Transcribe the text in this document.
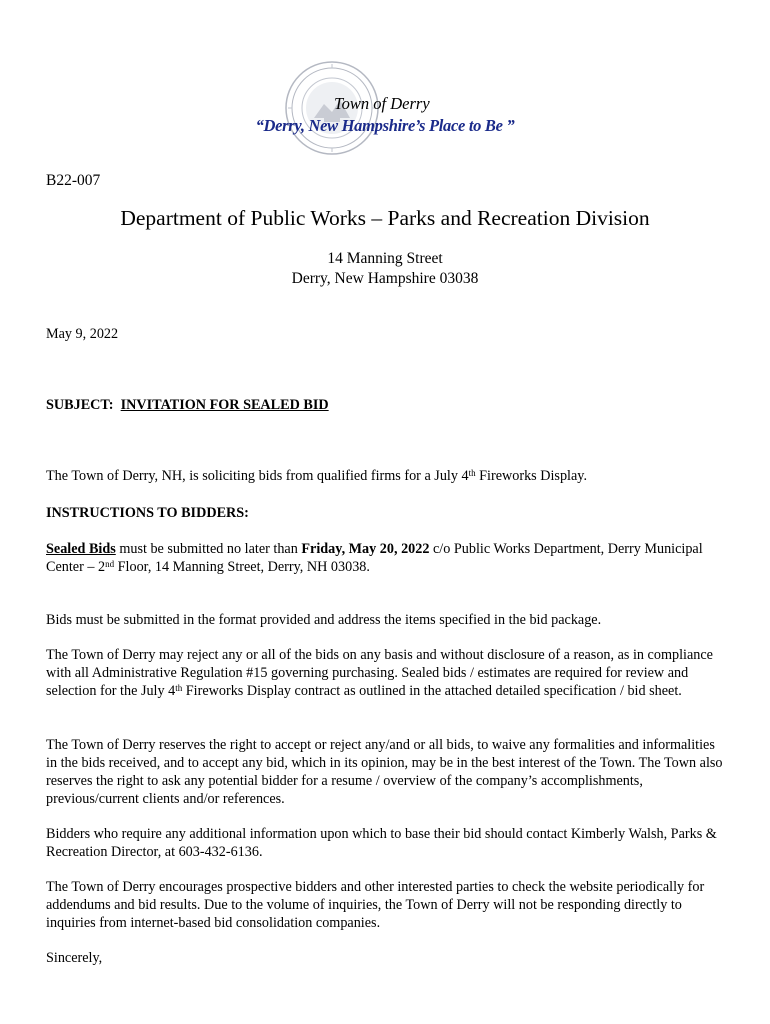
Town of Derry
“Derry, New Hampshire’s Place to Be ”
B22-007
Department of Public Works – Parks and Recreation Division
14 Manning Street
Derry, New Hampshire 03038
May 9, 2022
SUBJECT: INVITATION FOR SEALED BID
The Town of Derry, NH, is soliciting bids from qualified firms for a July 4th Fireworks Display.
INSTRUCTIONS TO BIDDERS:
Sealed Bids must be submitted no later than Friday, May 20, 2022 c/o Public Works Department, Derry Municipal Center – 2nd Floor, 14 Manning Street, Derry, NH 03038.
Bids must be submitted in the format provided and address the items specified in the bid package.
The Town of Derry may reject any or all of the bids on any basis and without disclosure of a reason, as in compliance with all Administrative Regulation #15 governing purchasing. Sealed bids / estimates are required for review and selection for the July 4th Fireworks Display contract as outlined in the attached detailed specification / bid sheet.
The Town of Derry reserves the right to accept or reject any/and or all bids, to waive any formalities and informalities in the bids received, and to accept any bid, which in its opinion, may be in the best interest of the Town. The Town also reserves the right to ask any potential bidder for a resume / overview of the company’s accomplishments, previous/current clients and/or references.
Bidders who require any additional information upon which to base their bid should contact Kimberly Walsh, Parks & Recreation Director, at 603-432-6136.
The Town of Derry encourages prospective bidders and other interested parties to check the website periodically for addendums and bid results. Due to the volume of inquiries, the Town of Derry will not be responding directly to inquiries from internet-based bid consolidation companies.
Sincerely,
